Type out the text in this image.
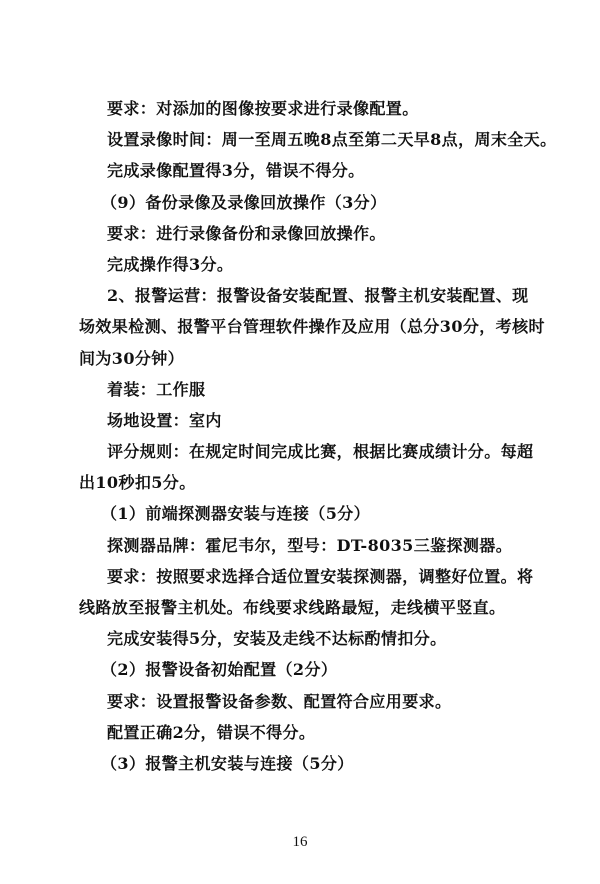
要求：对添加的图像按要求进行录像配置。
设置录像时间：周一至周五晚8点至第二天早8点，周末全天。
完成录像配置得3分，错误不得分。
（9）备份录像及录像回放操作（3分）
要求：进行录像备份和录像回放操作。
完成操作得3分。
2、报警运营：报警设备安装配置、报警主机安装配置、现
场效果检测、报警平台管理软件操作及应用（总分30分，考核时
间为30分钟）
着装：工作服
场地设置：室内
评分规则：在规定时间完成比赛，根据比赛成绩计分。每超
出10秒扣5分。
（1）前端探测器安装与连接（5分）
探测器品牌：霍尼韦尔，型号：DT-8035三鉴探测器。
要求：按照要求选择合适位置安装探测器，调整好位置。将
线路放至报警主机处。布线要求线路最短，走线横平竖直。
完成安装得5分，安装及走线不达标酌情扣分。
（2）报警设备初始配置（2分）
要求：设置报警设备参数、配置符合应用要求。
配置正确2分，错误不得分。
（3）报警主机安装与连接（5分）
16
